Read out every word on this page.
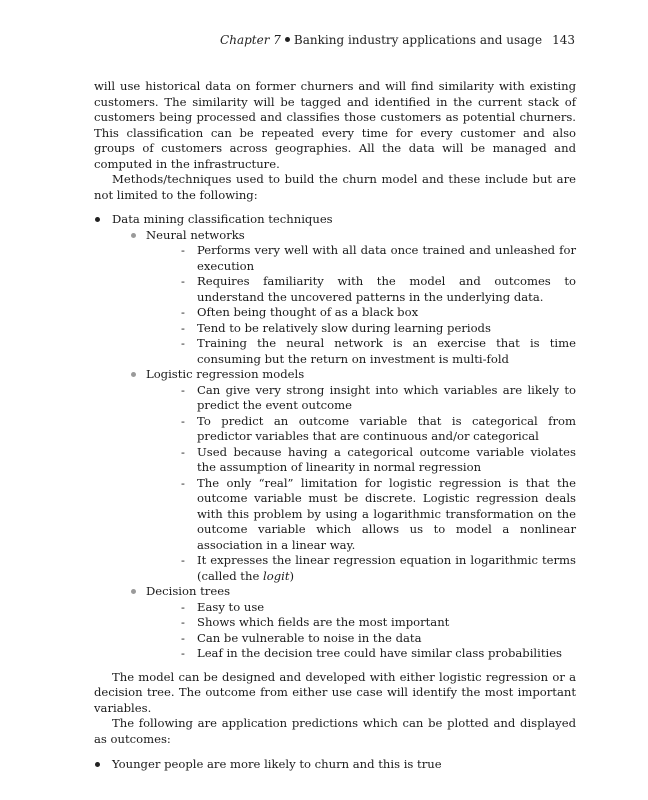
Chapter 7 Banking industry applications and usage 143

will use historical data on former churners and will find similarity with existing customers. The similarity will be tagged and identified in the current stack of customers being processed and classifies those customers as potential churners. This classification can be repeated every time for every customer and also groups of customers across geographies. All the data will be managed and computed in the infrastructure.

Methods/techniques used to build the churn model and these include but are not limited to the following:

Data mining classification techniques
Neural networks
- Performs very well with all data once trained and unleashed for execution
- Requires familiarity with the model and outcomes to understand the uncovered patterns in the underlying data.
- Often being thought of as a black box
- Tend to be relatively slow during learning periods
- Training the neural network is an exercise that is time consuming but the return on investment is multi-fold
Logistic regression models
- Can give very strong insight into which variables are likely to predict the event outcome
- To predict an outcome variable that is categorical from predictor variables that are continuous and/or categorical
- Used because having a categorical outcome variable violates the assumption of linearity in normal regression
- The only “real” limitation for logistic regression is that the outcome variable must be discrete. Logistic regression deals with this problem by using a logarithmic transformation on the outcome variable which allows us to model a nonlinear association in a linear way.
- It expresses the linear regression equation in logarithmic terms (called the logit)
Decision trees
- Easy to use
- Shows which fields are the most important
- Can be vulnerable to noise in the data
- Leaf in the decision tree could have similar class probabilities

The model can be designed and developed with either logistic regression or a decision tree. The outcome from either use case will identify the most important variables.

The following are application predictions which can be plotted and displayed as outcomes:

Younger people are more likely to churn and this is true
